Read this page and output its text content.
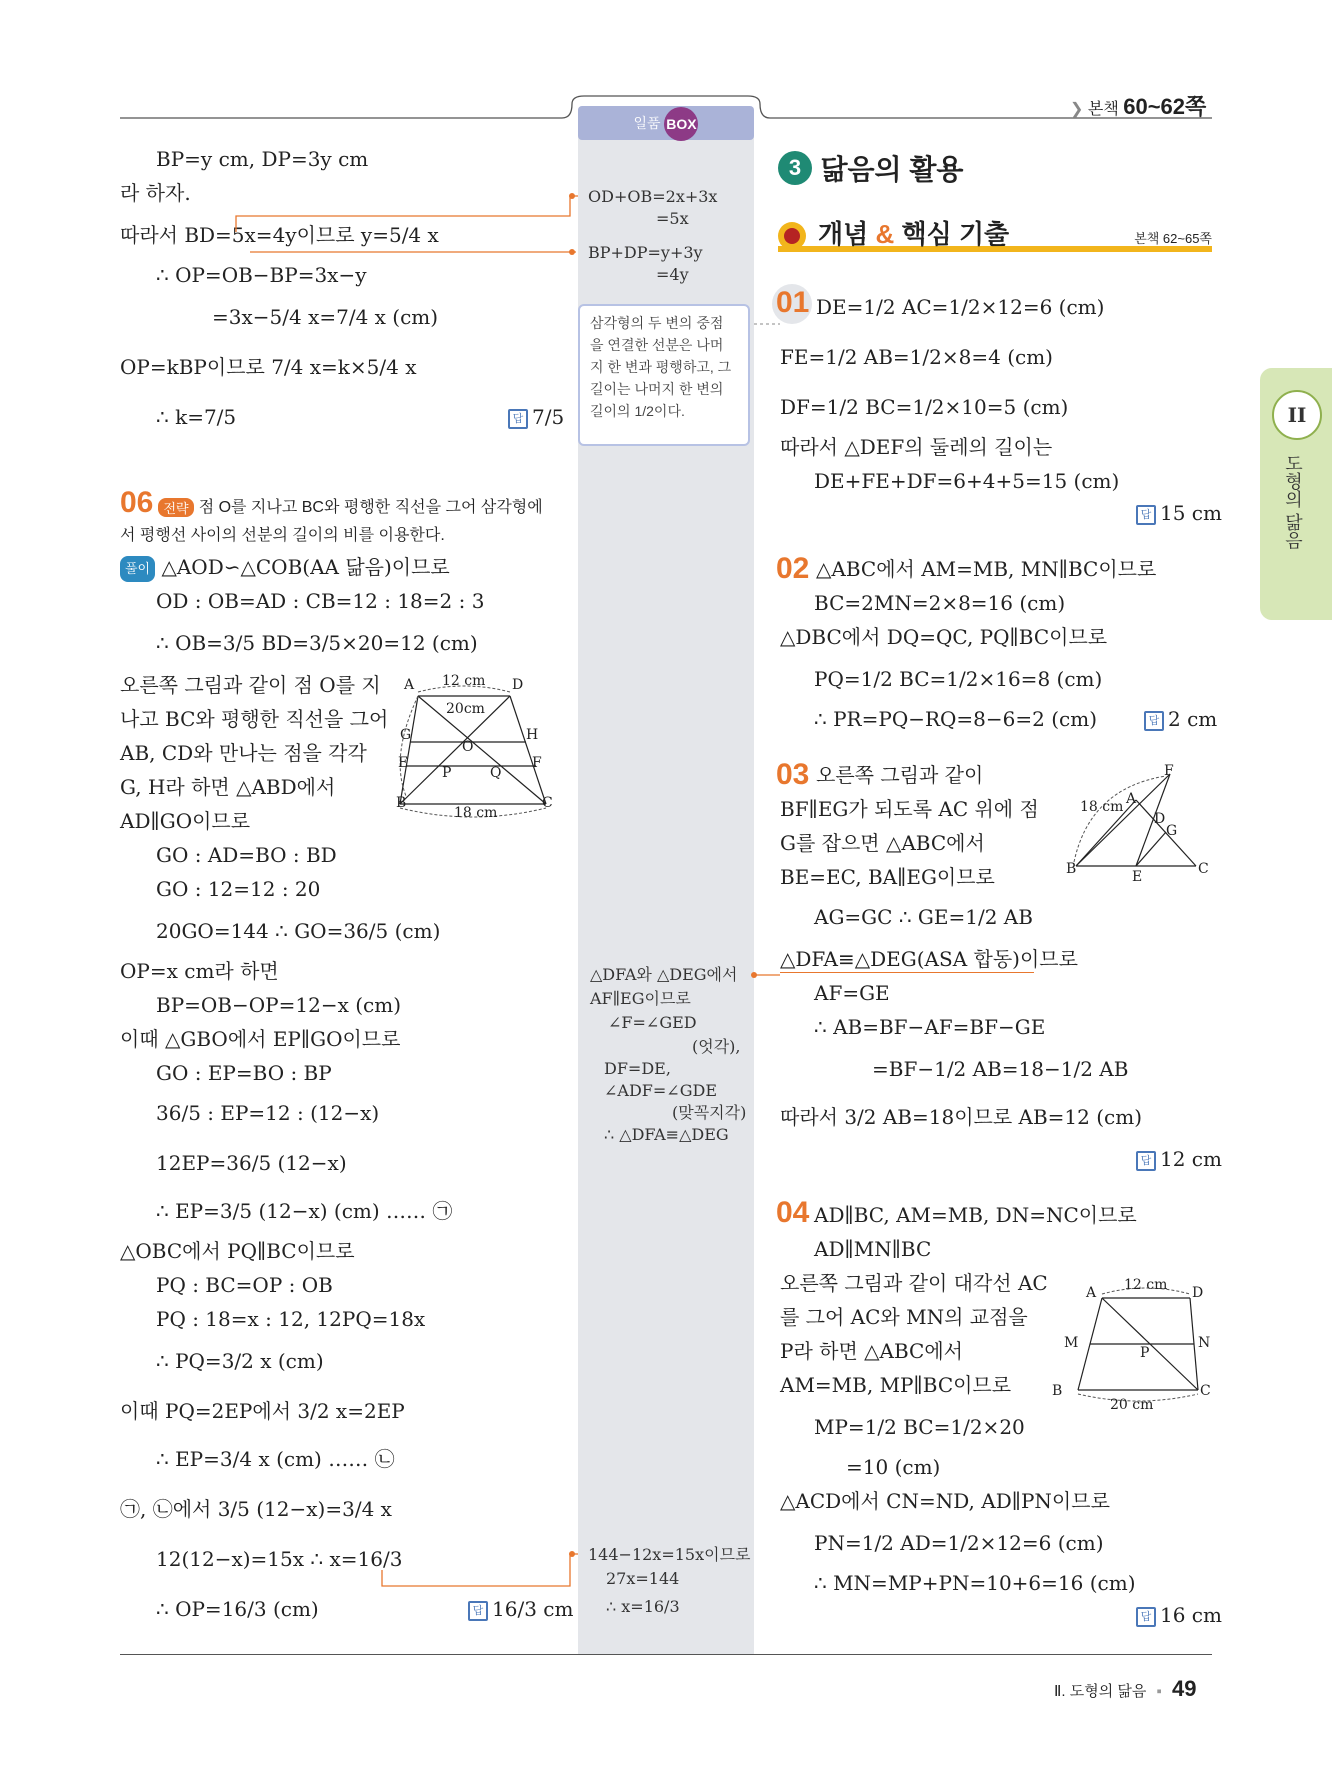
❯ 본책 60~62쪽
일품 BOX
BP=y cm, DP=3y cm
라 하자.
따라서 BD=5x=4y이므로 y=5/4 x
∴ OP=OB−BP=3x−y
=3x−5/4 x=7/4 x (cm)
OP=kBP이므로 7/4 x=k×5/4 x
∴ k=7/5	답 7/5
06 전략 점 O를 지나고 BC와 평행한 직선을 그어 삼각형에
서 평행선 사이의 선분의 길이의 비를 이용한다.
풀이 △AOD∽△COB(AA 닮음)이므로
OD : OB=AD : CB=12 : 18=2 : 3
∴ OB=3/5 BD=3/5×20=12 (cm)
오른쪽 그림과 같이 점 O를 지
나고 BC와 평행한 직선을 그어
AB, CD와 만나는 점을 각각
G, H라 하면 △ABD에서
AD∥GO이므로
GO : AD=BO : BD
GO : 12=12 : 20
20GO=144 ∴ GO=36/5 (cm)
OP=x cm라 하면
BP=OB−OP=12−x (cm)
이때 △GBO에서 EP∥GO이므로
GO : EP=BO : BP
36/5 : EP=12 : (12−x)
12EP=36/5 (12−x)
∴ EP=3/5 (12−x) (cm) …… ㉠
△OBC에서 PQ∥BC이므로
PQ : BC=OP : OB
PQ : 18=x : 12, 12PQ=18x
∴ PQ=3/2 x (cm)
이때 PQ=2EP에서 3/2 x=2EP
∴ EP=3/4 x (cm) …… ㉡
㉠, ㉡에서 3/5 (12−x)=3/4 x
12(12−x)=15x ∴ x=16/3
∴ OP=16/3 (cm)	답 16/3 cm
A	D
G	H
E	F
O
P	Q
B	C
12 cm
20cm
18 cm
OD+OB=2x+3x
=5x
BP+DP=y+3y
=4y
삼각형의 두 변의 중점
을 연결한 선분은 나머
지 한 변과 평행하고, 그
길이는 나머지 한 변의
길이의 1/2이다.
△DFA와 △DEG에서
AF∥EG이므로
∠F=∠GED
(엇각),
DF=DE,
∠ADF=∠GDE
(맞꼭지각)
∴ △DFA≡△DEG
144−12x=15x이므로
27x=144
∴ x=16/3
3 닮음의 활용
개념 & 핵심 기출	본책 62~65쪽
01 DE=1/2 AC=1/2×12=6 (cm)
FE=1/2 AB=1/2×8=4 (cm)
DF=1/2 BC=1/2×10=5 (cm)
따라서 △DEF의 둘레의 길이는
DE+FE+DF=6+4+5=15 (cm)
답 15 cm
02 △ABC에서 AM=MB, MN∥BC이므로
BC=2MN=2×8=16 (cm)
△DBC에서 DQ=QC, PQ∥BC이므로
PQ=1/2 BC=1/2×16=8 (cm)
∴ PR=PQ−RQ=8−6=2 (cm)	답 2 cm
03 오른쪽 그림과 같이
BF∥EG가 되도록 AC 위에 점
G를 잡으면 △ABC에서
BE=EC, BA∥EG이므로
AG=GC ∴ GE=1/2 AB
△DFA≡△DEG(ASA 합동)이므로
AF=GE
∴ AB=BF−AF=BF−GE
=BF−1/2 AB=18−1/2 AB
따라서 3/2 AB=18이므로 AB=12 (cm)
답 12 cm
F
A
D
G
B	E	C
18 cm
04 AD∥BC, AM=MB, DN=NC이므로
AD∥MN∥BC
오른쪽 그림과 같이 대각선 AC
를 그어 AC와 MN의 교점을
P라 하면 △ABC에서
AM=MB, MP∥BC이므로
MP=1/2 BC=1/2×20
=10 (cm)
△ACD에서 CN=ND, AD∥PN이므로
PN=1/2 AD=1/2×12=6 (cm)
∴ MN=MP+PN=10+6=16 (cm)
답 16 cm
A	D
M	N
P
B	C
12 cm
20 cm
II
도형의 닮음
Ⅱ. 도형의 닮음 ▪ 49
